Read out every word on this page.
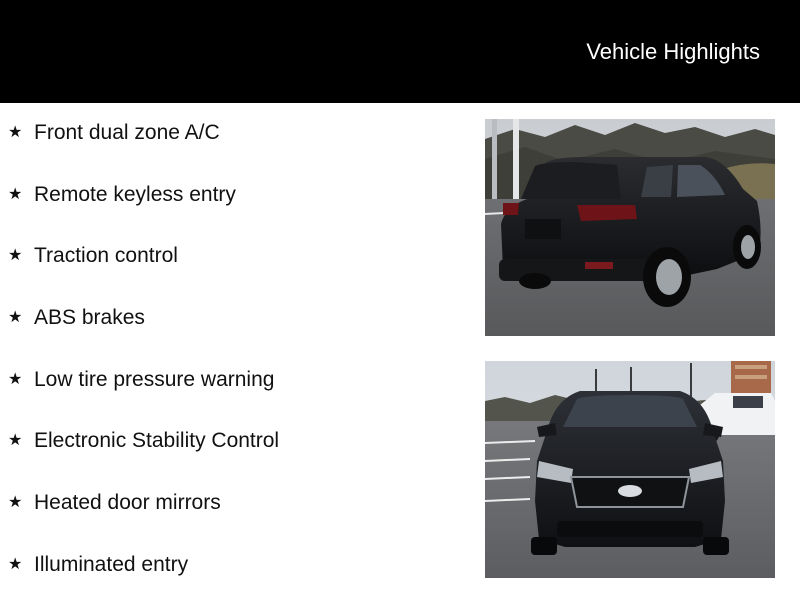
Vehicle Highlights
★ Front dual zone A/C
★ Remote keyless entry
★ Traction control
★ ABS brakes
★ Low tire pressure warning
★ Electronic Stability Control
★ Heated door mirrors
★ Illuminated entry
